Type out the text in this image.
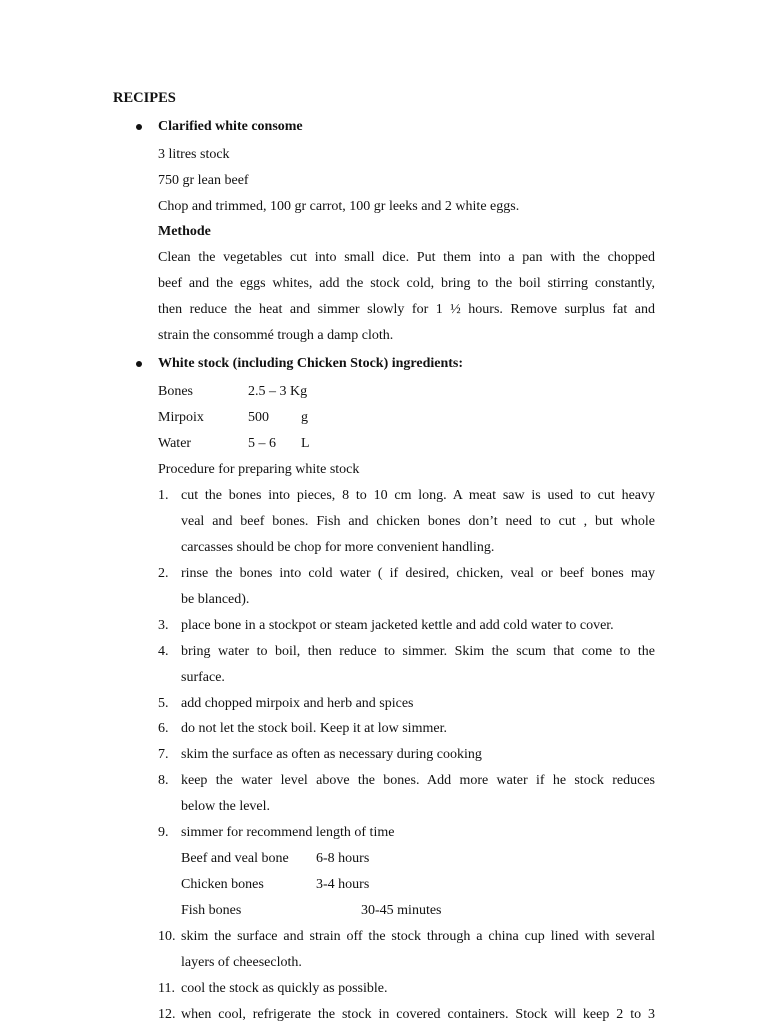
RECIPES
Clarified white consome
3 litres stock
750 gr lean beef
Chop and trimmed, 100 gr carrot, 100 gr leeks and 2 white eggs.
Methode
Clean the vegetables cut into small dice. Put them into a pan with the chopped
beef and the eggs whites, add the stock cold, bring to the boil stirring constantly,
then reduce the heat and simmer slowly for 1 ½ hours. Remove surplus fat and
strain the consommé trough a damp cloth.
White stock (including Chicken Stock) ingredients:
Bones	2.5 – 3 Kg
Mirpoix	500 g
Water	5 – 6 L
Procedure for preparing white stock
1. cut the bones into pieces, 8 to 10 cm long. A meat saw is used to cut heavy
veal and beef bones. Fish and chicken bones don’t need to cut , but whole
carcasses should be chop for more convenient handling.
2. rinse the bones into cold water ( if desired, chicken, veal or beef bones may
be blanced).
3. place bone in a stockpot or steam jacketed kettle and add cold water to cover.
4. bring water to boil, then reduce to simmer. Skim the scum that come to the
surface.
5. add chopped mirpoix and herb and spices
6. do not let the stock boil. Keep it at low simmer.
7. skim the surface as often as necessary during cooking
8. keep the water level above the bones. Add more water if he stock reduces
below the level.
9. simmer for recommend length of time
Beef and veal bone 6-8 hours
Chicken bones	3-4 hours
Fish bones	30-45 minutes
10. skim the surface and strain off the stock through a china cup lined with several
layers of cheesecloth.
11. cool the stock as quickly as possible.
12. when cool, refrigerate the stock in covered containers. Stock will keep 2 to 3
